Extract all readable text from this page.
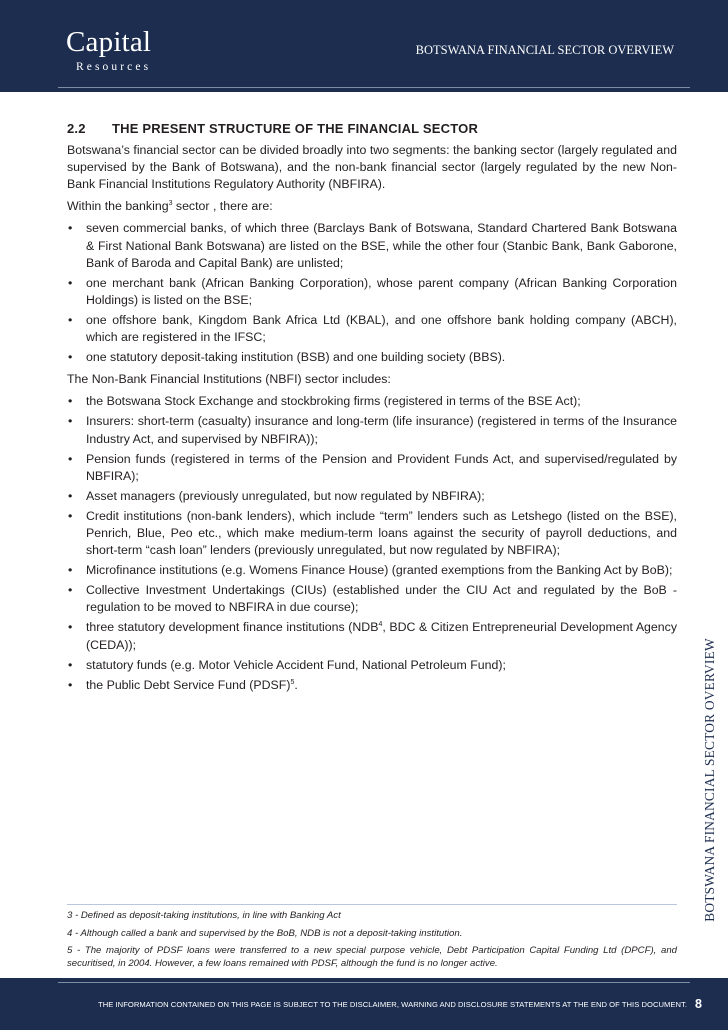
Capital
Resources
BOTSWANA FINANCIAL SECTOR OVERVIEW
2.2	THE PRESENT STRUCTURE OF THE FINANCIAL SECTOR

Botswana’s financial sector can be divided broadly into two segments: the banking sector (largely regulated and supervised by the Bank of Botswana), and the non-bank financial sector (largely regulated by the new Non-Bank Financial Institutions Regulatory Authority (NBFIRA).

Within the banking$^3$ sector , there are:

• seven commercial banks, of which three (Barclays Bank of Botswana, Standard Chartered Bank Botswana & First National Bank Botswana) are listed on the BSE, while the other four (Stanbic Bank, Bank Gaborone, Bank of Baroda and Capital Bank) are unlisted;
• one merchant bank (African Banking Corporation), whose parent company (African Banking Corporation Holdings) is listed on the BSE;
• one offshore bank, Kingdom Bank Africa Ltd (KBAL), and one offshore bank holding company (ABCH), which are registered in the IFSC;
• one statutory deposit-taking institution (BSB) and one building society (BBS).

The Non-Bank Financial Institutions (NBFI) sector includes:

• the Botswana Stock Exchange and stockbroking firms (registered in terms of the BSE Act);
• Insurers: short-term (casualty) insurance and long-term (life insurance) (registered in terms of the Insurance Industry Act, and supervised by NBFIRA));
• Pension funds (registered in terms of the Pension and Provident Funds Act, and supervised/regulated by NBFIRA);
• Asset managers (previously unregulated, but now regulated by NBFIRA);
• Credit institutions (non-bank lenders), which include “term” lenders such as Letshego (listed on the BSE), Penrich, Blue, Peo etc., which make medium-term loans against the security of payroll deductions, and short-term “cash loan” lenders (previously unregulated, but now regulated by NBFIRA);
• Microfinance institutions (e.g. Womens Finance House) (granted exemptions from the Banking Act by BoB);
• Collective Investment Undertakings (CIUs) (established under the CIU Act and regulated by the BoB - regulation to be moved to NBFIRA in due course);
• three statutory development finance institutions (NDB$^4$, BDC & Citizen Entrepreneurial Development Agency (CEDA));
• statutory funds (e.g. Motor Vehicle Accident Fund, National Petroleum Fund);
• the Public Debt Service Fund (PDSF)$^5$.	BOTSWANA FINANCIAL SECTOR OVERVIEW

3 - Defined as deposit-taking institutions, in line with Banking Act

4 - Although called a bank and supervised by the BoB, NDB is not a deposit-taking institution.

5 - The majority of PDSF loans were transferred to a new special purpose vehicle, Debt Participation Capital Funding Ltd (DPCF), and securitised, in 2004. However, a few loans remained with PDSF, although the fund is no longer active.

THE INFORMATION CONTAINED ON THIS PAGE IS SUBJECT TO THE DISCLAIMER, WARNING AND DISCLOSURE STATEMENTS AT THE END OF THIS DOCUMENT. 8
